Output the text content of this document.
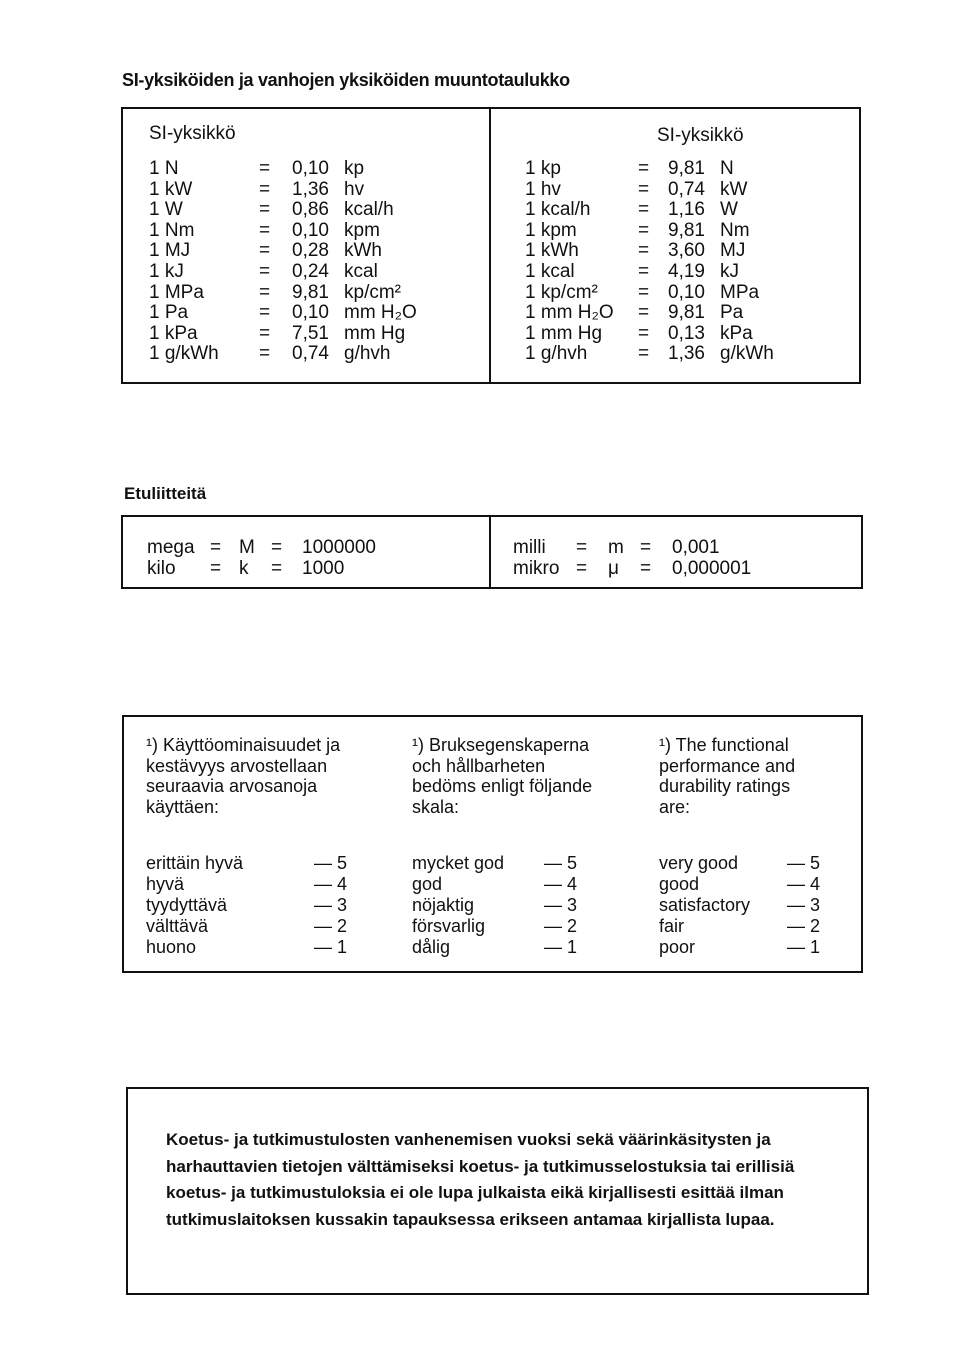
SI-yksiköiden ja vanhojen yksiköiden muuntotaulukko
SI-yksikkö	SI-yksikkö
1 N	= 0,10 kp
1 kW	= 1,36 hv
1 W	= 0,86 kcal/h
1 Nm	= 0,10 kpm
1 MJ	= 0,28 kWh
1 kJ	= 0,24 kcal
1 MPa	= 9,81 kp/cm²
1 Pa	= 0,10 mm H₂O
1 kPa	= 7,51 mm Hg
1 g/kWh = 0,74 g/hvh
1 kp	= 9,81 N
1 hv	= 0,74 kW
1 kcal/h	= 1,16 W
1 kpm	= 9,81 Nm
1 kWh	= 3,60 MJ
1 kcal	= 4,19 kJ
1 kp/cm² = 0,10 MPa
1 mm H₂O = 9,81 Pa
1 mm Hg = 0,13 kPa
1 g/hvh	= 1,36 g/kWh
Etuliitteitä
mega = M = 1000000
kilo = k = 1000
milli = m = 0,001
mikro = μ = 0,000001
¹) Käyttöominaisuudet ja
kestävyys arvostellaan
seuraavia arvosanoja
käyttäen:
erittäin hyvä	— 5
hyvä	— 4
tyydyttävä	— 3
välttävä	— 2
huono	— 1
¹) Bruksegenskaperna
och hållbarheten
bedöms enligt följande
skala:
mycket god — 5
god	— 4
nöjaktig	— 3
försvarlig	— 2
dålig	— 1
¹) The functional
performance and
durability ratings
are:
very good	— 5
good	— 4
satisfactory — 3
fair	— 2
poor	— 1
Koetus- ja tutkimustulosten vanhenemisen vuoksi sekä väärinkäsitysten ja harhauttavien tietojen välttämiseksi koetus- ja tutkimusselostuksia tai erillisiä koetus- ja tutkimustuloksia ei ole lupa julkaista eikä kirjallisesti esittää ilman tutkimuslaitoksen kussakin tapauksessa erikseen antamaa kirjallista lupaa.
